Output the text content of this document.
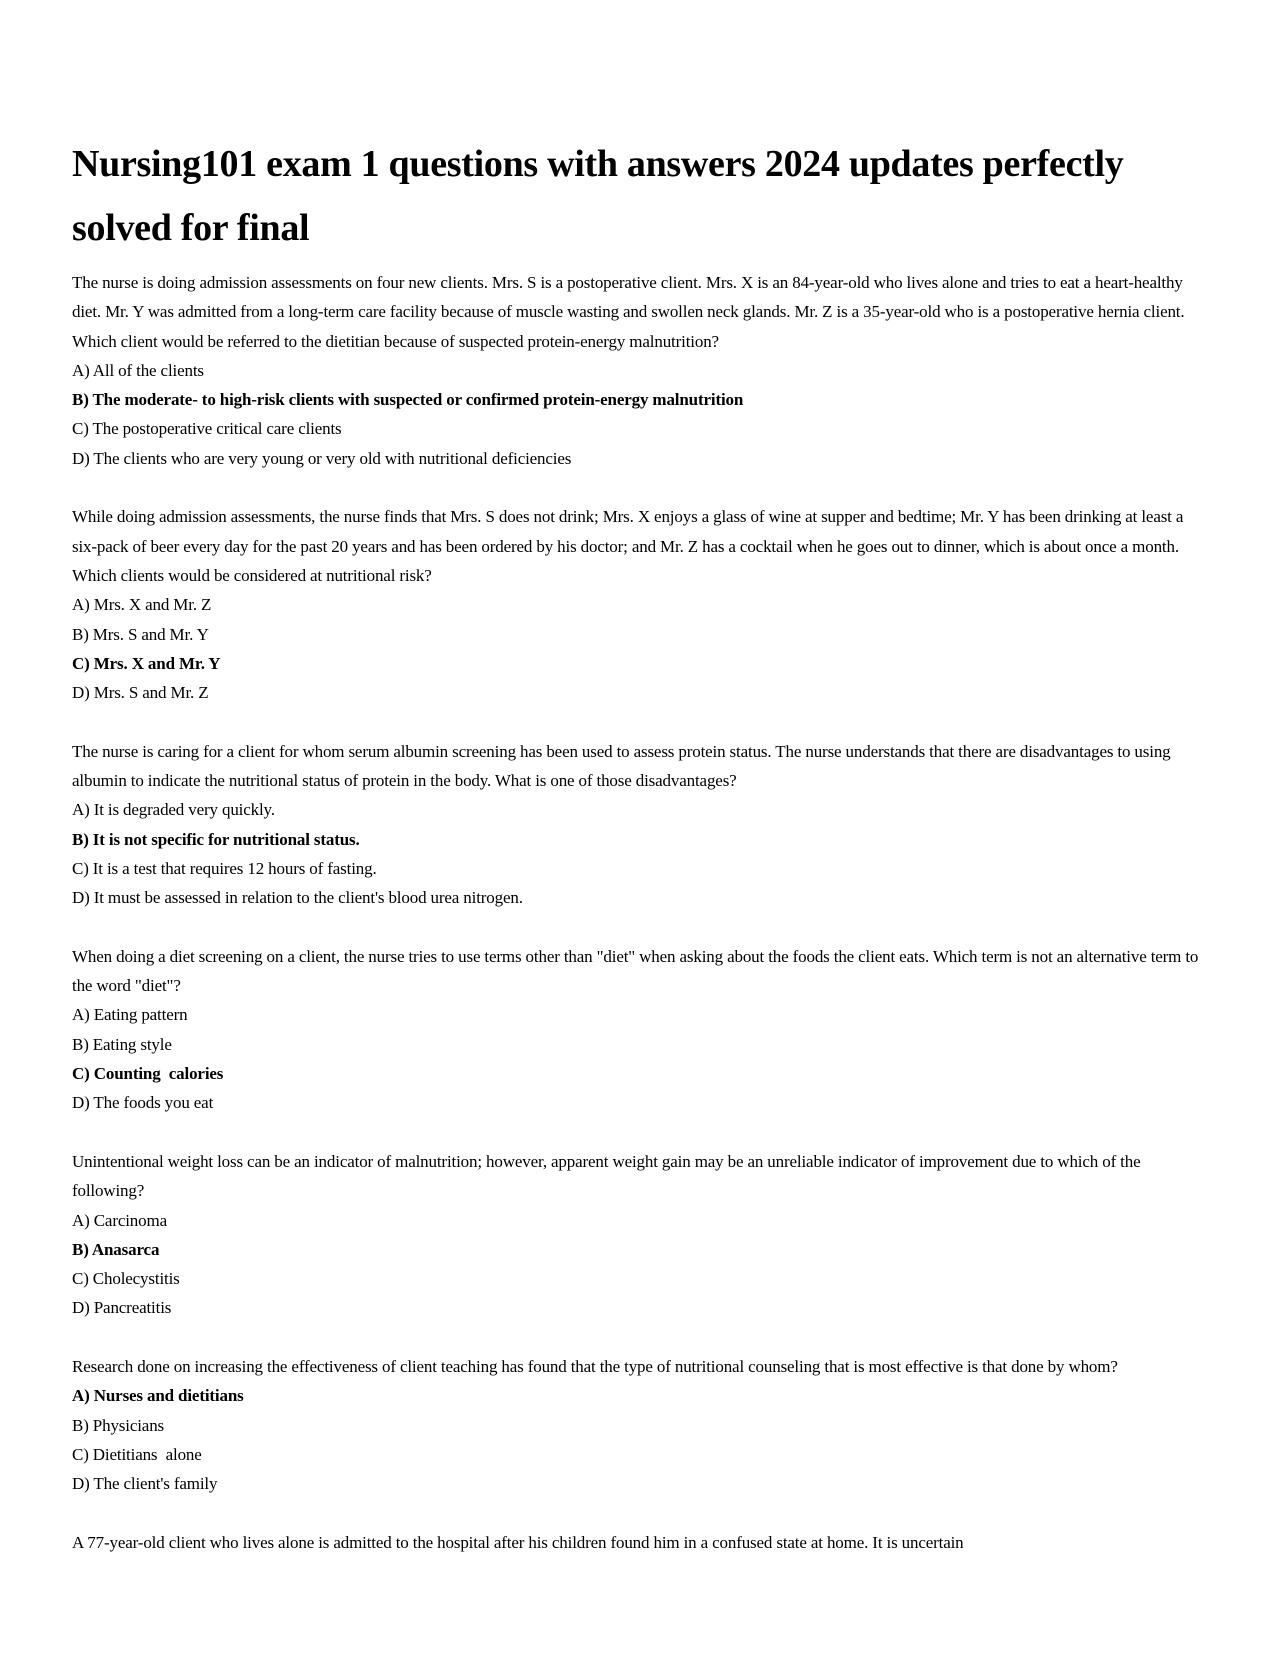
Nursing101 exam 1 questions with answers 2024 updates perfectly solved for final

The nurse is doing admission assessments on four new clients. Mrs. S is a postoperative client. Mrs. X is an 84-year-old who lives alone and tries to eat a heart-healthy diet. Mr. Y was admitted from a long-term care facility because of muscle wasting and swollen neck glands. Mr. Z is a 35-year-old who is a postoperative hernia client. Which client would be referred to the dietitian because of suspected protein-energy malnutrition?

A) All of the clients

B) The moderate- to high-risk clients with suspected or confirmed protein-energy malnutrition

C) The postoperative critical care clients

D) The clients who are very young or very old with nutritional deficiencies

While doing admission assessments, the nurse finds that Mrs. S does not drink; Mrs. X enjoys a glass of wine at supper and bedtime; Mr. Y has been drinking at least a six-pack of beer every day for the past 20 years and has been ordered by his doctor; and Mr. Z has a cocktail when he goes out to dinner, which is about once a month. Which clients would be considered at nutritional risk?

A) Mrs. X and Mr. Z

B) Mrs. S and Mr. Y

C) Mrs. X and Mr. Y

D) Mrs. S and Mr. Z

The nurse is caring for a client for whom serum albumin screening has been used to assess protein status. The nurse understands that there are disadvantages to using albumin to indicate the nutritional status of protein in the body. What is one of those disadvantages?

A) It is degraded very quickly.

B) It is not specific for nutritional status.

C) It is a test that requires 12 hours of fasting.

D) It must be assessed in relation to the client's blood urea nitrogen.

When doing a diet screening on a client, the nurse tries to use terms other than "diet" when asking about the foods the client eats. Which term is not an alternative term to the word "diet"?

A) Eating pattern

B) Eating style

C) Counting  calories

D) The foods you eat

Unintentional weight loss can be an indicator of malnutrition; however, apparent weight gain may be an unreliable indicator of improvement due to which of the following?

A) Carcinoma

B) Anasarca

C) Cholecystitis

D) Pancreatitis

Research done on increasing the effectiveness of client teaching has found that the type of nutritional counseling that is most effective is that done by whom?

A) Nurses and dietitians

B) Physicians

C) Dietitians  alone

D) The client's family

A 77-year-old client who lives alone is admitted to the hospital after his children found him in a confused state at home. It is uncertain
